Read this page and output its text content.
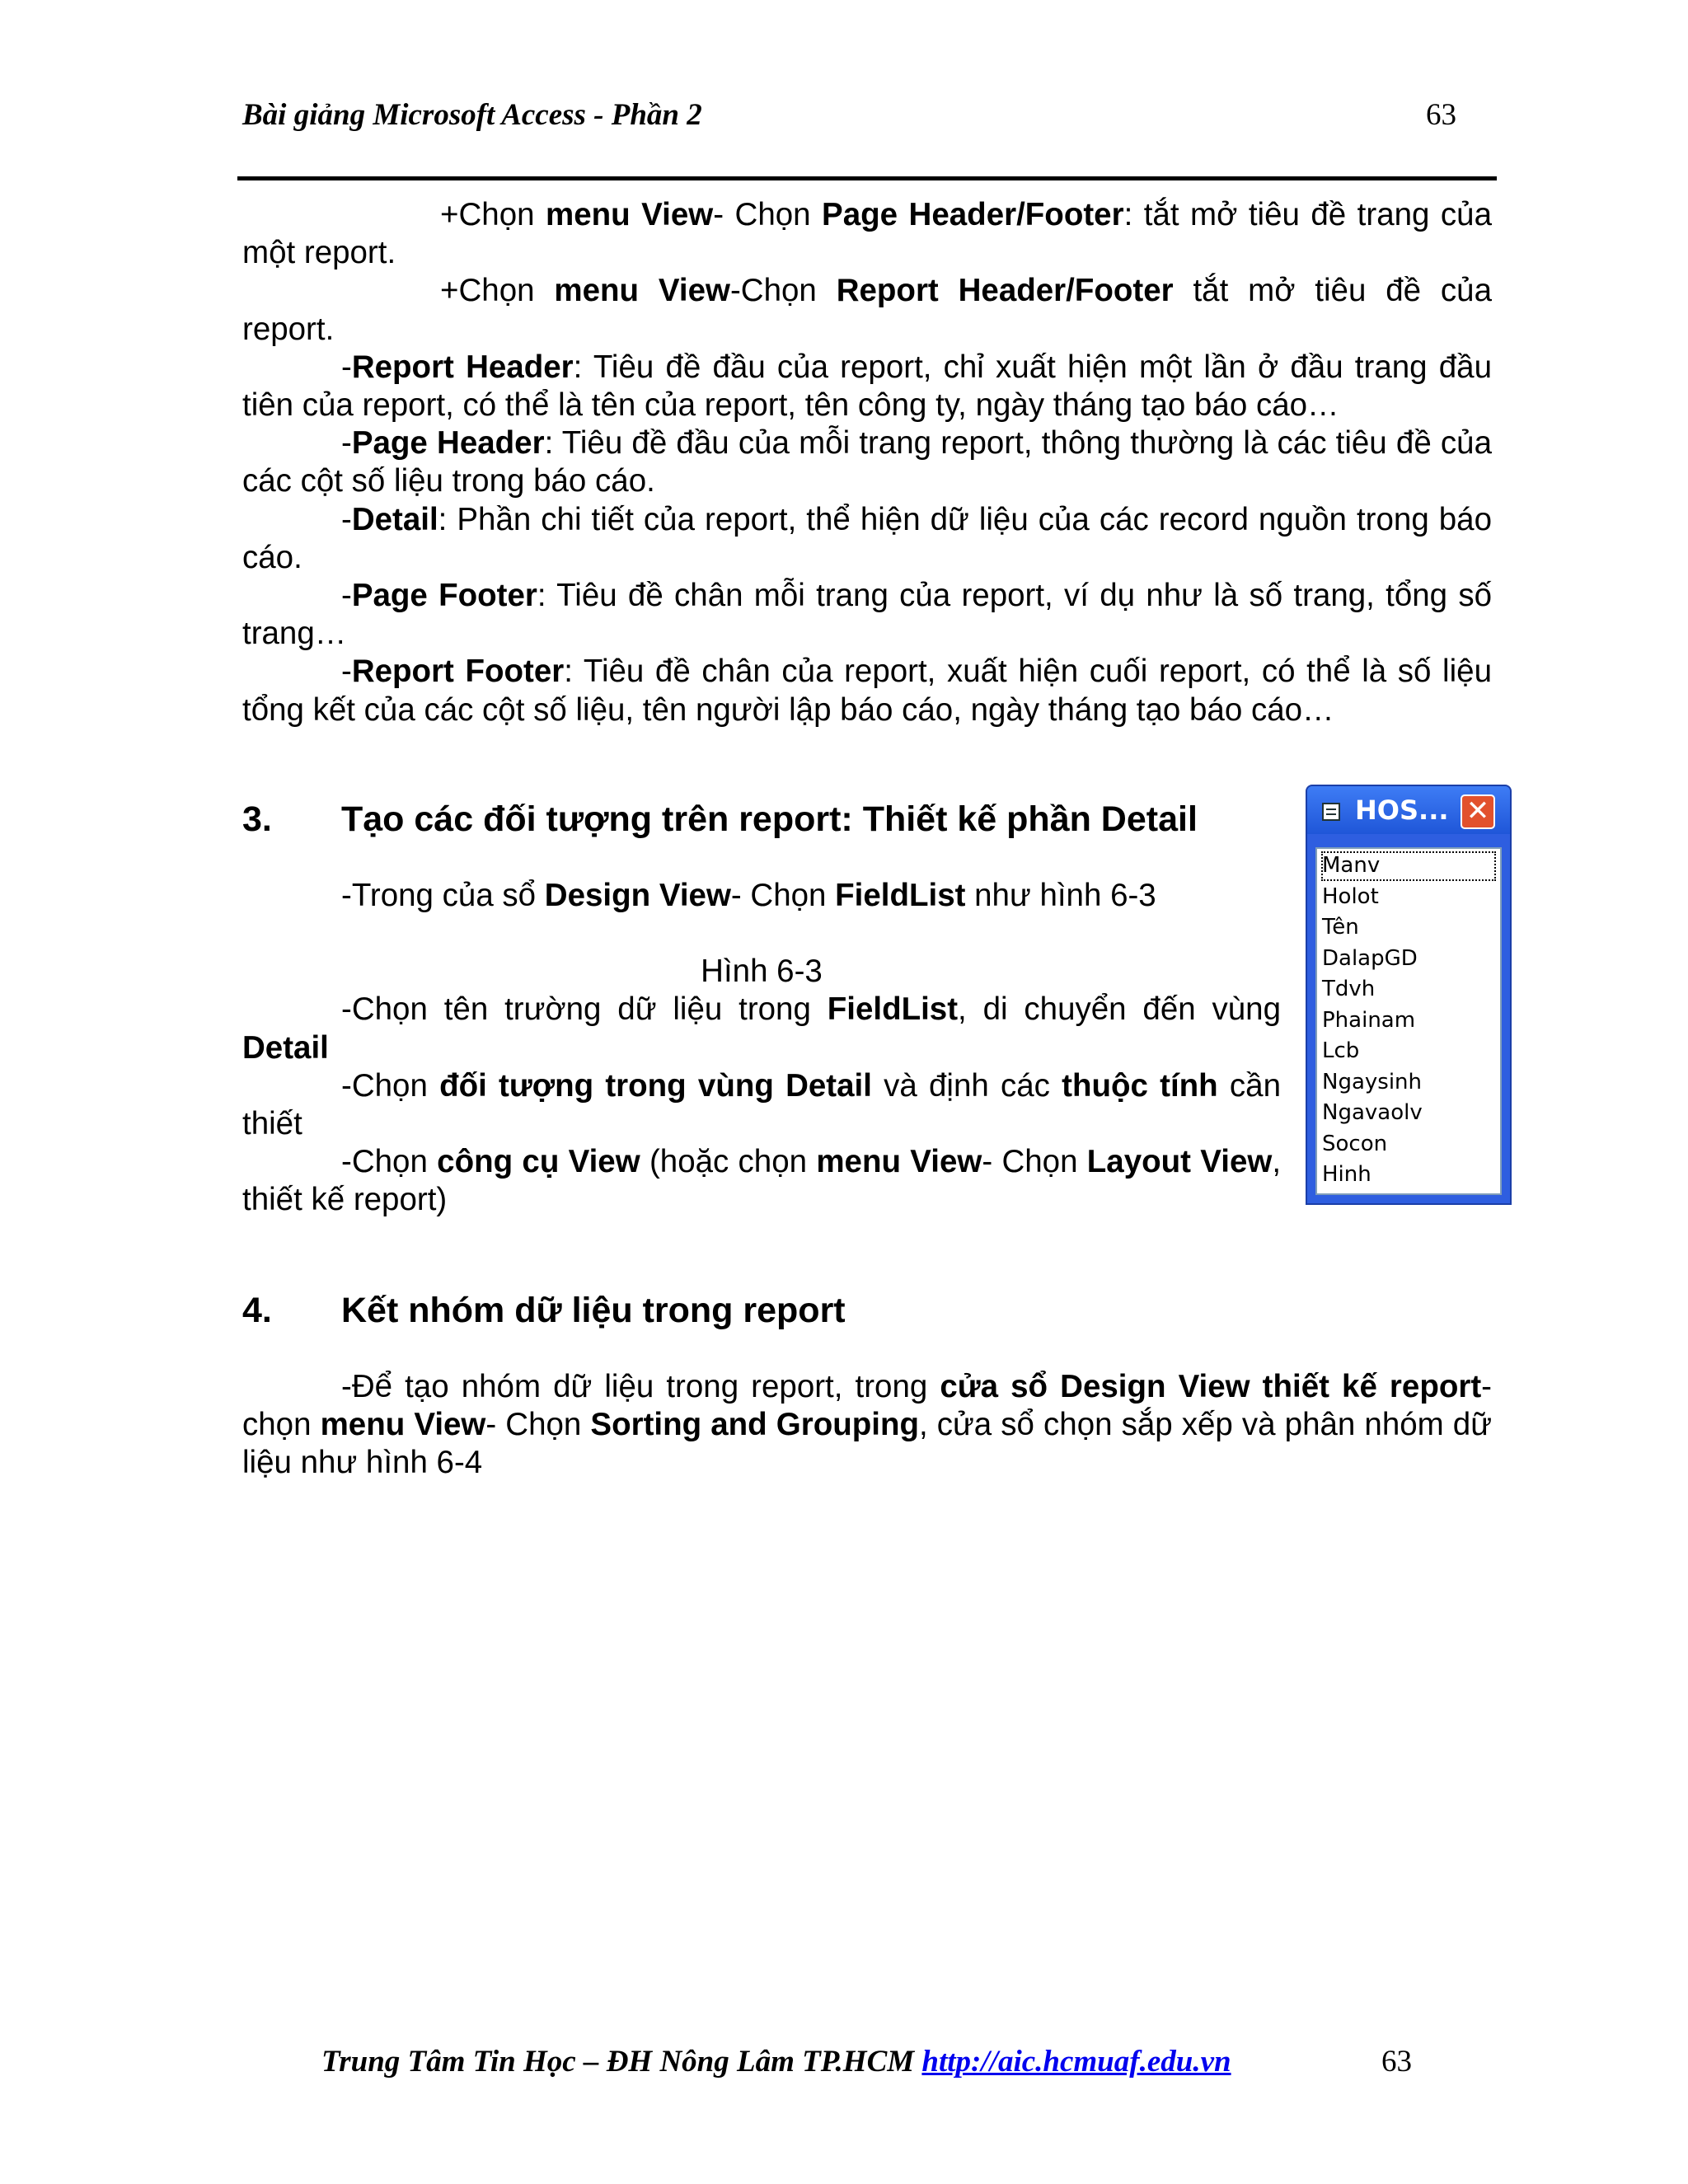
Bài giảng Microsoft Access - Phần 2	63

+Chọn menu View- Chọn Page Header/Footer: tắt mở tiêu đề trang của một report.

+Chọn menu View-Chọn Report Header/Footer tắt mở tiêu đề của report.

-Report Header: Tiêu đề đầu của report, chỉ xuất hiện một lần ở đầu trang đầu tiên của report, có thể là tên của report, tên công ty, ngày tháng tạo báo cáo…

-Page Header: Tiêu đề đầu của mỗi trang report, thông thường là các tiêu đề của các cột số liệu trong báo cáo.

-Detail: Phần chi tiết của report, thể hiện dữ liệu của các record nguồn trong báo cáo.

-Page Footer: Tiêu đề chân mỗi trang của report, ví dụ như là số trang, tổng số trang…

-Report Footer: Tiêu đề chân của report, xuất hiện cuối report, có thể là số liệu tổng kết của các cột số liệu, tên người lập báo cáo, ngày tháng tạo báo cáo…

3. Tạo các đối tượng trên report: Thiết kế phần Detail

-Trong của sổ Design View- Chọn FieldList như hình 6-3

Hình 6-3

-Chọn tên trường dữ liệu trong FieldList, di chuyển đến vùng Detail

-Chọn đối tượng trong vùng Detail và định các thuộc tính cần thiết

-Chọn công cụ View (hoặc chọn menu View- Chọn Layout View, thiết kế report)

HOS... ✕
Manv
Holot
Tên
DalapGD
Tdvh
Phainam
Lcb
Ngaysinh
Ngavaolv
Socon
Hinh
4. Kết nhóm dữ liệu trong report

-Để tạo nhóm dữ liệu trong report, trong cửa sổ Design View thiết kế report-chọn menu View- Chọn Sorting and Grouping, cửa sổ chọn sắp xếp và phân nhóm dữ liệu như hình 6-4

Trung Tâm Tin Học – ĐH Nông Lâm TP.HCM http://aic.hcmuaf.edu.vn	63
